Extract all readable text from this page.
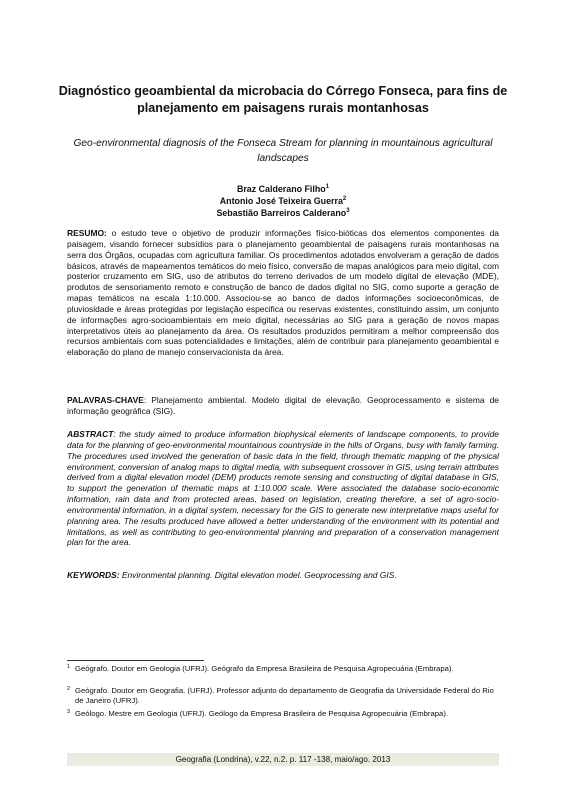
Diagnóstico geoambiental da microbacia do Córrego Fonseca, para fins de planejamento em paisagens rurais montanhosas
Geo-environmental diagnosis of the Fonseca Stream for planning in mountainous agricultural landscapes
Braz Calderano Filho$^1$
Antonio José Teixeira Guerra$^2$
Sebastião Barreiros Calderano$^3$
RESUMO: o estudo teve o objetivo de produzir informações físico-bióticas dos elementos componentes da paisagem, visando fornecer subsídios para o planejamento geoambiental de paisagens rurais montanhosas na serra dos Órgãos, ocupadas com agricultura familiar. Os procedimentos adotados envolveram a geração de dados básicos, através de mapeamentos temáticos do meio físico, conversão de mapas analógicos para meio digital, com posterior cruzamento em SIG, uso de atributos do terreno derivados de um modelo digital de elevação (MDE), produtos de sensoriamento remoto e construção de banco de dados digital no SIG, como suporte a geração de mapas temáticos na escala 1:10.000. Associou-se ao banco de dados informações socioeconômicas, de pluviosidade e áreas protegidas por legislação especifica ou reservas existentes, constituindo assim, um conjunto de informações agro-socioambientais em meio digital, necessárias ao SIG para a geração de novos mapas interpretativos úteis ao planejamento da área. Os resultados produzidos permitiram a melhor compreensão dos recursos ambientais com suas potencialidades e limitações, além de contribuir para planejamento geoambiental e elaboração do plano de manejo conservacionista da área.
PALAVRAS-CHAVE: Planejamento ambiental. Modelo digital de elevação. Geoprocessamento e sistema de informação geográfica (SIG).
ABSTRACT: the study aimed to produce information biophysical elements of landscape components, to provide data for the planning of geo-environmental mountainous countryside in the hills of Organs, busy with family farming. The procedures used involved the generation of basic data in the field, through thematic mapping of the physical environment, conversion of analog maps to digital media, with subsequent crossover in GIS, using terrain attributes derived from a digital elevation model (DEM) products remote sensing and constructing of digital database in GIS, to support the generation of thematic maps at 1:10.000 scale. Were associated the database socio-economic information, rain data and from protected areas, based on legislation, creating therefore, a set of agro-socio-environmental information, in a digital system, necessary for the GIS to generate new interpretative maps useful for planning area. The results produced have allowed a better understanding of the environment with its potential and limitations, as well as contributing to geo-environmental planning and preparation of a conservation management plan for the area.
KEYWORDS: Environmental planning. Digital elevation model. Geoprocessing and GIS.
1 Geógrafo. Doutor em Geologia (UFRJ). Geógrafo da Empresa Brasileira de Pesquisa Agropecuária (Embrapa).
2 Geógrafo. Doutor em Geografia. (UFRJ). Professor adjunto do departamento de Geografia da Universidade Federal do Rio de Janeiro (UFRJ).
3 Geólogo. Mestre em Geologia (UFRJ). Geólogo da Empresa Brasileira de Pesquisa Agropecuária (Embrapa).
Geografia (Londrina), v.22, n.2. p. 117 -138, maio/ago. 2013
